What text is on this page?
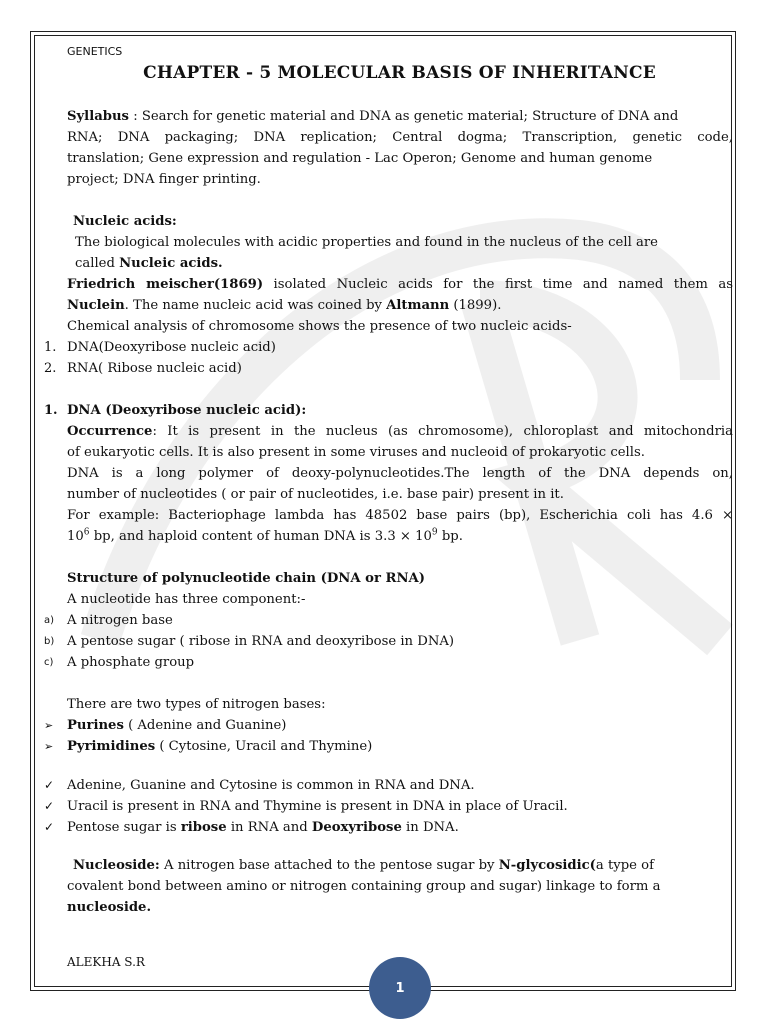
GENETICS
CHAPTER - 5 MOLECULAR BASIS OF INHERITANCE
Syllabus : Search for genetic material and DNA as genetic material; Structure of DNA and
RNA; DNA packaging; DNA replication; Central dogma; Transcription, genetic code,
translation; Gene expression and regulation - Lac Operon; Genome and human genome
project; DNA finger printing.
Nucleic acids:
The biological molecules with acidic properties and found in the nucleus of the cell are
called Nucleic acids.
Friedrich meischer(1869) isolated Nucleic acids for the first time and named them as
Nuclein. The name nucleic acid was coined by Altmann (1899).
Chemical analysis of chromosome shows the presence of two nucleic acids-
1. DNA(Deoxyribose nucleic acid)
2. RNA( Ribose nucleic acid)
1. DNA (Deoxyribose nucleic acid):
Occurrence: It is present in the nucleus (as chromosome), chloroplast and mitochondria
of eukaryotic cells. It is also present in some viruses and nucleoid of prokaryotic cells.
DNA is a long polymer of deoxy-polynucleotides.The length of the DNA depends on,
number of nucleotides ( or pair of nucleotides, i.e. base pair) present in it.
For example: Bacteriophage lambda has 48502 base pairs (bp), Escherichia coli has 4.6 ×
$10^6$ bp, and haploid content of human DNA is $3.3 \times 10^9$ bp.
Structure of polynucleotide chain (DNA or RNA)
A nucleotide has three component:-
a) A nitrogen base
b) A pentose sugar ( ribose in RNA and deoxyribose in DNA)
c)	A phosphate group
There are two types of nitrogen bases:
➢	Purines ( Adenine and Guanine)
➢	Pyrimidines ( Cytosine, Uracil and Thymine)
✓ Adenine, Guanine and Cytosine is common in RNA and DNA.
✓ Uracil is present in RNA and Thymine is present in DNA in place of Uracil.
✓ Pentose sugar is ribose in RNA and Deoxyribose in DNA.
Nucleoside: A nitrogen base attached to the pentose sugar by N-glycosidic(a type of
covalent bond between amino or nitrogen containing group and sugar) linkage to form a
nucleoside.
ALEKHA S.R
1
